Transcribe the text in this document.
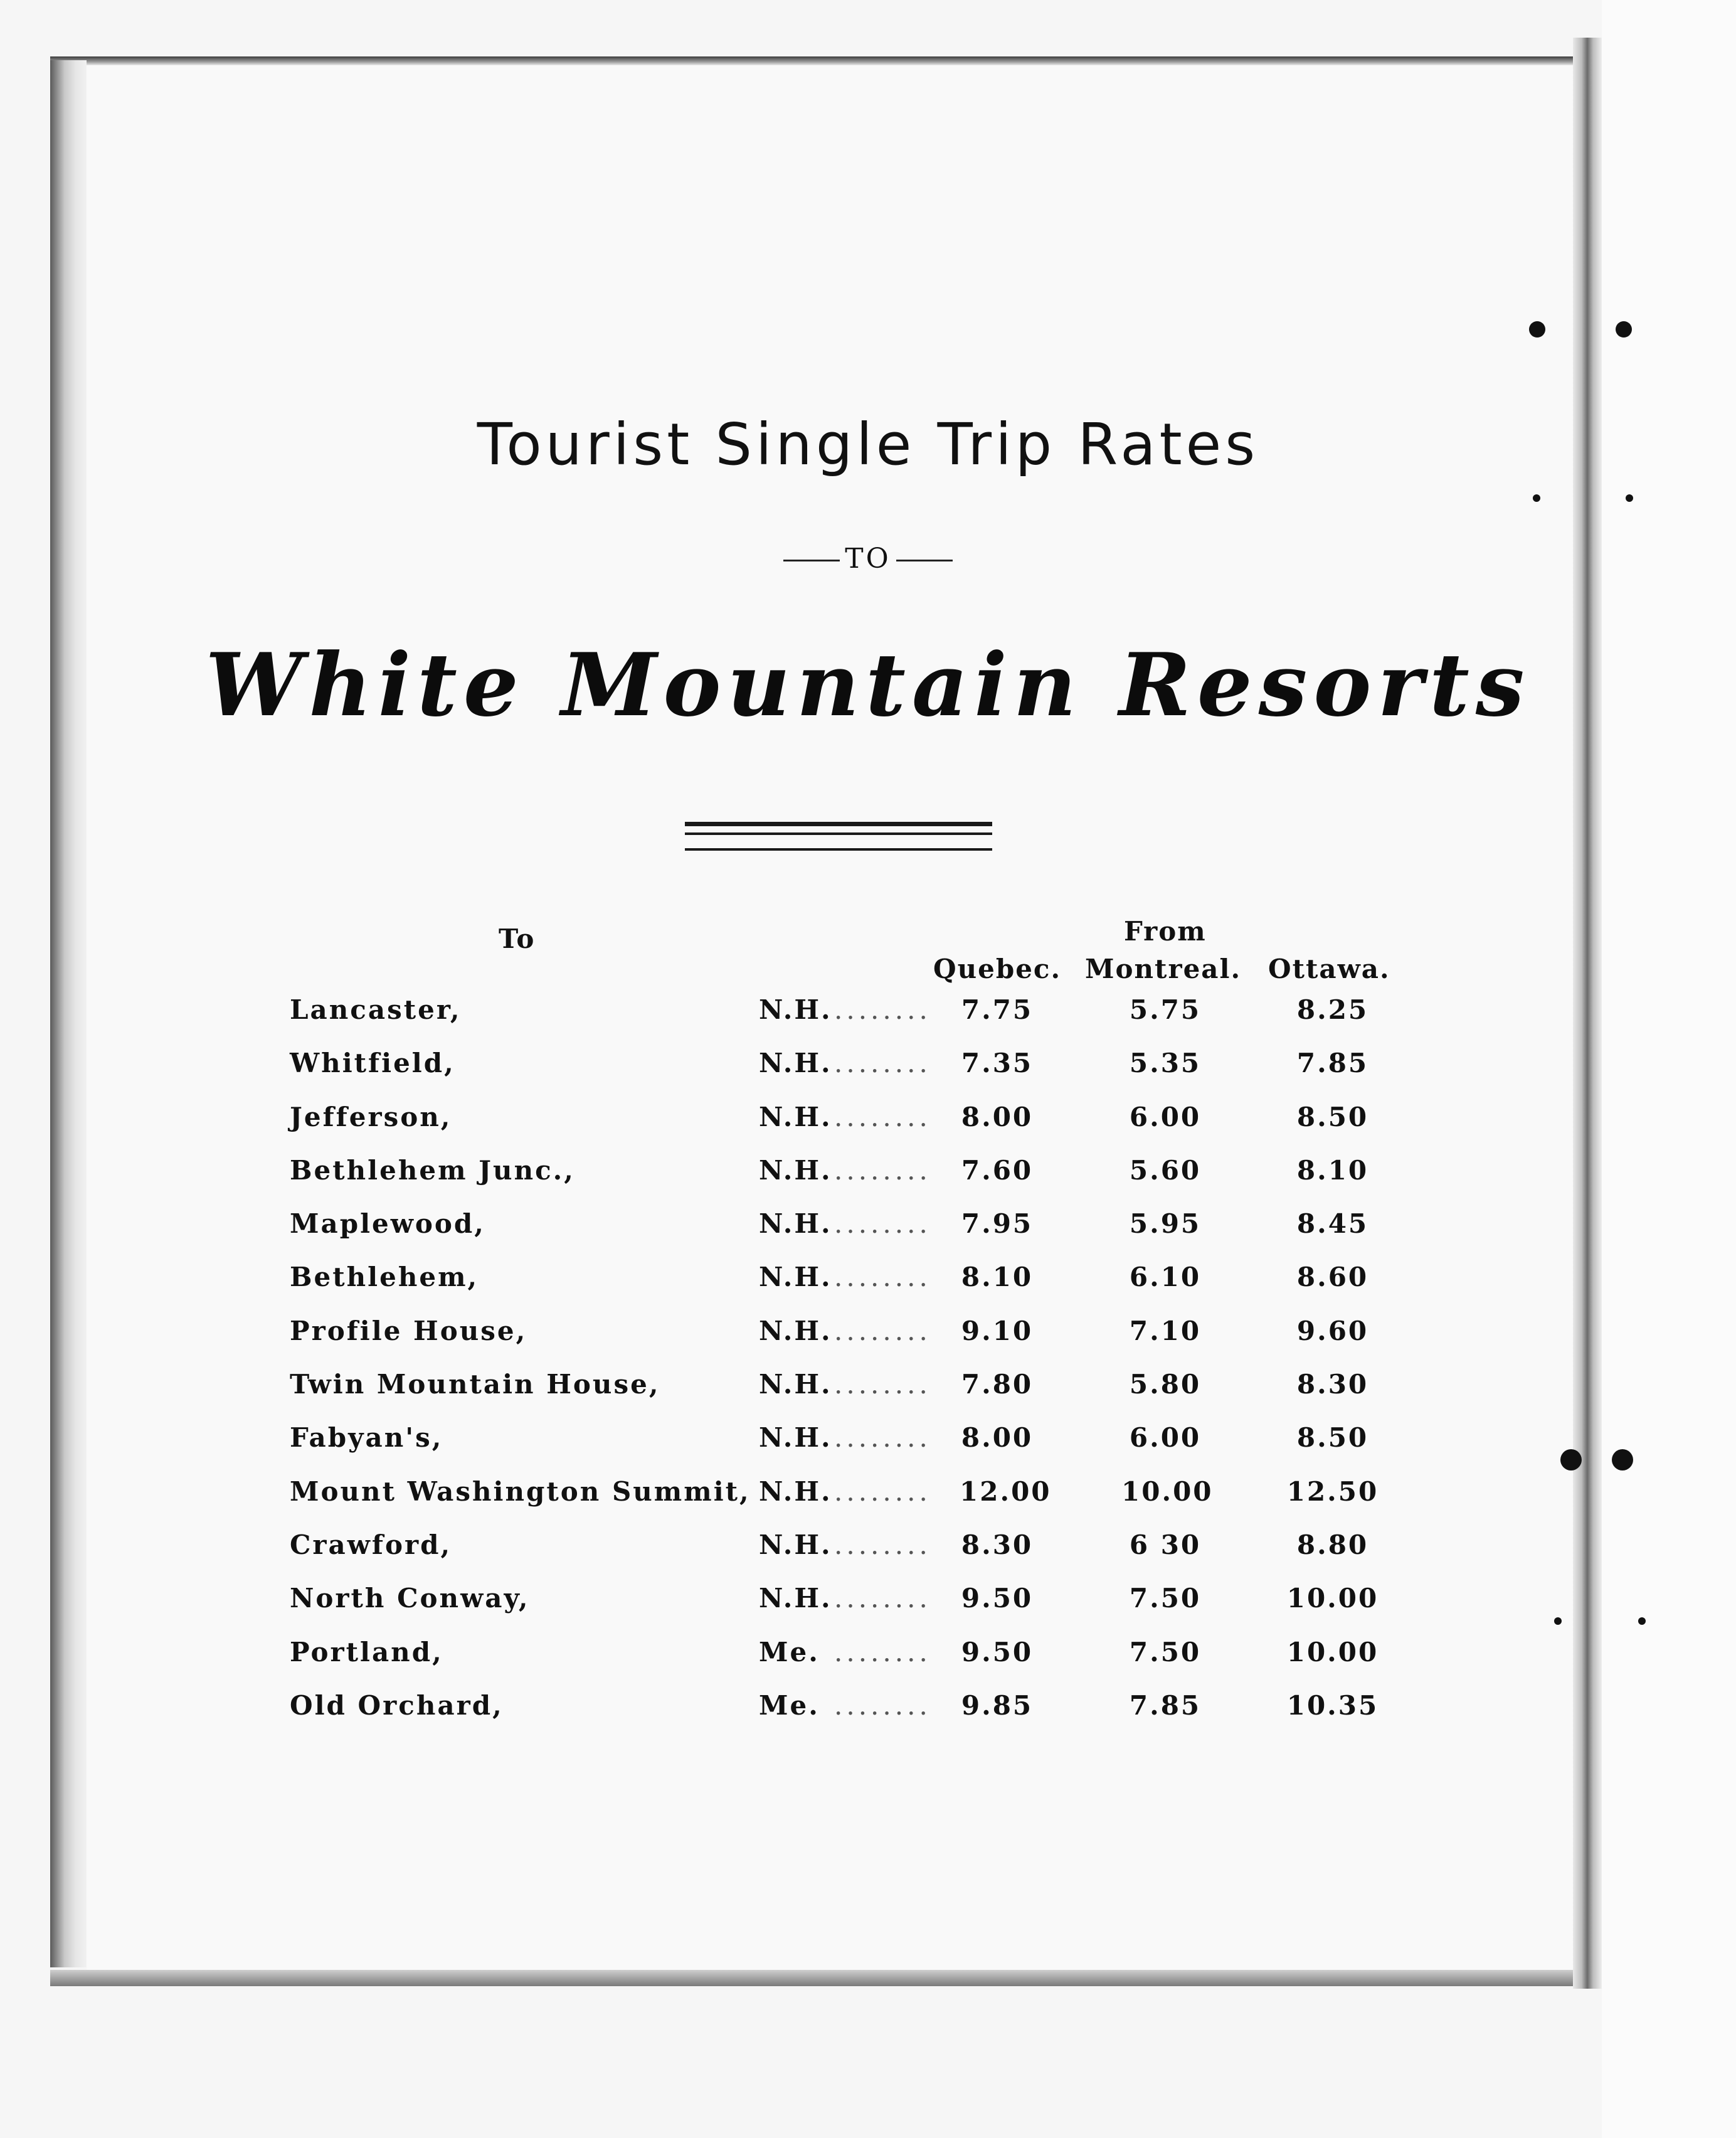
Tourist Single Trip Rates
TO
White Mountain Resorts
To	From
Quebec. Montreal. Ottawa.
Lancaster,	N.H. ........ 7.75	5.75	8.25
Whitfield,	N.H. ........ 7.35	5.35	7.85
Jefferson,	N.H. ........ 8.00	6.00	8.50
Bethlehem Junc.,	N.H. ........ 7.60	5.60	8.10
Maplewood,	N.H. ........ 7.95	5.95	8.45
Bethlehem,	N.H. ........ 8.10	6.10	8.60
Profile House,	N.H. ........ 9.10	7.10	9.60
Twin Mountain House,	N.H. ........ 7.80	5.80	8.30
Fabyan's,	N.H. ........ 8.00	6.00	8.50
Mount Washington Summit, N.H. ........ 12.00	10.00	12.50
Crawford,	N.H. ........ 8.30	6 30	8.80
North Conway,	N.H. ........ 9.50	7.50	10.00
Portland,	Me. ........ 9.50	7.50	10.00
Old Orchard,	Me. ........ 9.85	7.85	10.35
